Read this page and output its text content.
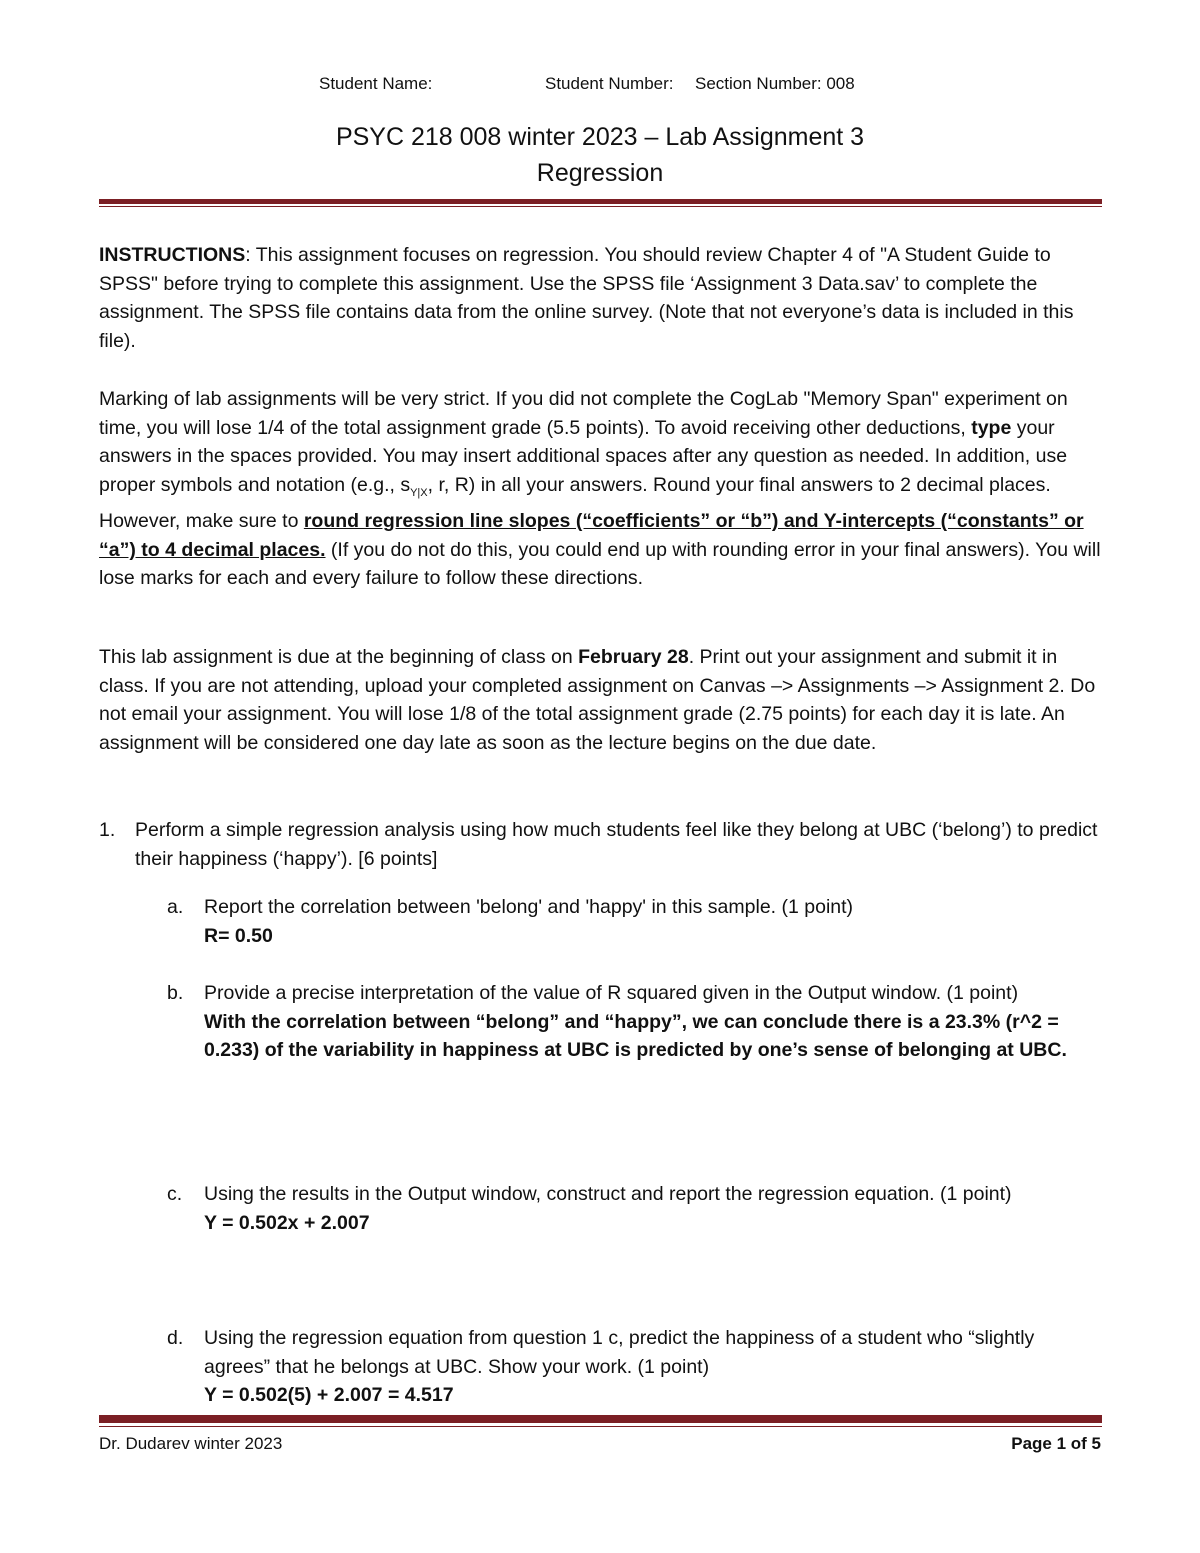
Student Name:	Student Number: Section Number: 008
PSYC 218 008 winter 2023 – Lab Assignment 3
Regression
INSTRUCTIONS: This assignment focuses on regression. You should review Chapter 4 of "A Student Guide to SPSS" before trying to complete this assignment. Use the SPSS file ‘Assignment 3 Data.sav’ to complete the assignment. The SPSS file contains data from the online survey. (Note that not everyone’s data is included in this file).
Marking of lab assignments will be very strict. If you did not complete the CogLab "Memory Span" experiment on time, you will lose 1/4 of the total assignment grade (5.5 points). To avoid receiving other deductions, type your answers in the spaces provided. You may insert additional spaces after any question as needed. In addition, use proper symbols and notation (e.g., $s_{Y|X}$, r, R) in all your answers. Round your final answers to 2 decimal places. However, make sure to round regression line slopes (“coefficients” or “b”) and Y-intercepts (“constants” or “a”) to 4 decimal places. (If you do not do this, you could end up with rounding error in your final answers). You will lose marks for each and every failure to follow these directions.
This lab assignment is due at the beginning of class on February 28. Print out your assignment and submit it in class. If you are not attending, upload your completed assignment on Canvas –> Assignments –> Assignment 2. Do not email your assignment. You will lose 1/8 of the total assignment grade (2.75 points) for each day it is late. An assignment will be considered one day late as soon as the lecture begins on the due date.
1. Perform a simple regression analysis using how much students feel like they belong at UBC (‘belong’) to predict their happiness (‘happy’). [6 points]
a. Report the correlation between 'belong' and 'happy' in this sample. (1 point)
R= 0.50
b. Provide a precise interpretation of the value of R squared given in the Output window. (1 point)
With the correlation between “belong” and “happy”, we can conclude there is a 23.3% (r^2 = 0.233) of the variability in happiness at UBC is predicted by one’s sense of belonging at UBC.
c. Using the results in the Output window, construct and report the regression equation. (1 point)
Y = 0.502x + 2.007
d. Using the regression equation from question 1 c, predict the happiness of a student who “slightly agrees” that he belongs at UBC. Show your work. (1 point)
Y = 0.502(5) + 2.007 = 4.517
Dr. Dudarev winter 2023	Page 1 of 5
